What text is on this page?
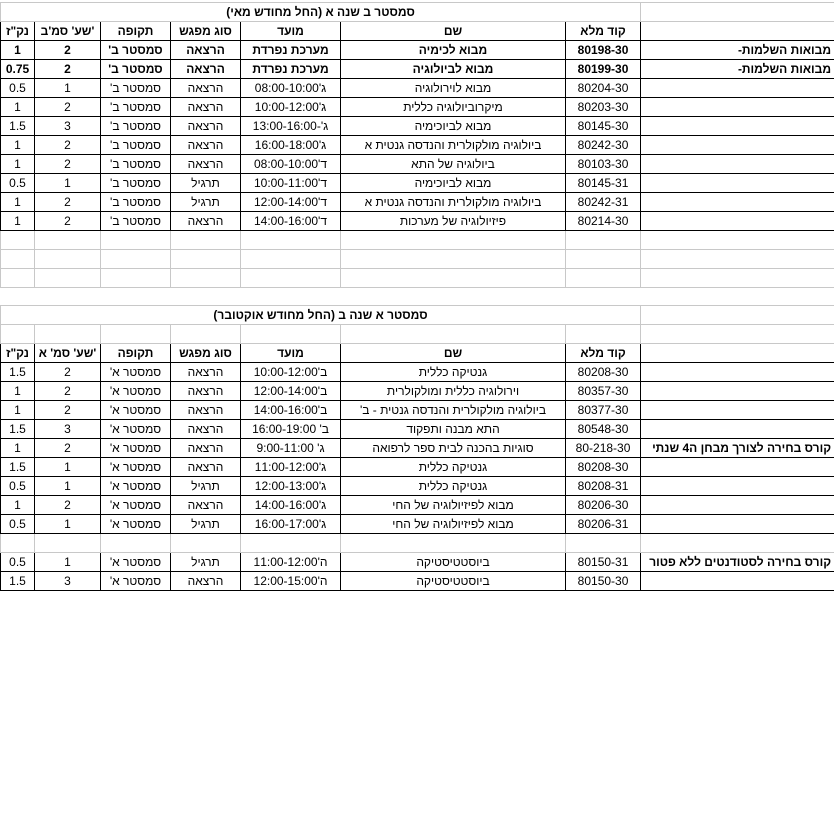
סמסטר ב שנה א (החל מחודש מאי)							
נק"ז	שע' סמ'ב'	תקופה	סוג מפגש	מועד	שם	קוד מלא	
1	2	סמסטר ב'	הרצאה	מערכת נפרדת	מבוא לכימיה	80198-30	מבואות השלמות-
0.75	2	סמסטר ב'	הרצאה	מערכת נפרדת	מבוא לביולוגיה	80199-30	מבואות השלמות-
0.5	1	סמסטר ב'	הרצאה	ג'08:00-10:00	מבוא לוירולוגיה	80204-30	
1	2	סמסטר ב'	הרצאה	ג'10:00-12:00	מיקרוביולוגיה כללית	80203-30	
1.5	3	סמסטר ב'	הרצאה	ג'-13:00-16:00	מבוא לביוכימיה	80145-30	
1	2	סמסטר ב'	הרצאה	ג'16:00-18:00	ביולוגיה מולקולרית והנדסה גנטית א	80242-30	
1	2	סמסטר ב'	הרצאה	ד'08:00-10:00	ביולוגיה של התא	80103-30	
0.5	1	סמסטר ב'	תרגיל	ד'10:00-11:00	מבוא לביוכימיה	80145-31	
1	2	סמסטר ב'	תרגיל	ד'12:00-14:00	ביולוגיה מולקולרית והנדסה גנטית א	80242-31	
1	2	סמסטר ב'	הרצאה	ד'14:00-16:00	פיזיולוגיה של מערכות	80214-30	

סמסטר א שנה ב (החל מחודש אוקטובר)							

נק"ז	שע' סמ' א'	תקופה	סוג מפגש	מועד	שם	קוד מלא	
1.5	2	סמסטר א'	הרצאה	ב'10:00-12:00	גנטיקה כללית	80208-30	
1	2	סמסטר א'	הרצאה	ב'12:00-14:00	וירולוגיה כללית ומולקולרית	80357-30	
1	2	סמסטר א'	הרצאה	ב'14:00-16:00	ביולוגיה מולקולרית והנדסה גנטית - ב'	80377-30	
1.5	3	סמסטר א'	הרצאה	ב' 16:00-19:00	התא מבנה ותפקוד	80548-30	
1	2	סמסטר א'	הרצאה	ג' 9:00-11:00	סוגיות בהכנה לבית ספר לרפואה	80-218-30	קורס בחירה לצורך מבחן ה4 שנתי
1.5	1	סמסטר א'	הרצאה	ג'11:00-12:00	גנטיקה כללית	80208-30	
0.5	1	סמסטר א'	תרגיל	ג'12:00-13:00	גנטיקה כללית	80208-31	
1	2	סמסטר א'	הרצאה	ג'14:00-16:00	מבוא לפיזיולוגיה של החי	80206-30	
0.5	1	סמסטר א'	תרגיל	ג'16:00-17:00	מבוא לפיזיולוגיה של החי	80206-31	

0.5	1	סמסטר א'	תרגיל	ה'11:00-12:00	ביוסטטיסטיקה	80150-31	קורס בחירה לסטודנטים ללא פטור
1.5	3	סמסטר א'	הרצאה	ה'12:00-15:00	ביוסטטיסטיקה	80150-30	
